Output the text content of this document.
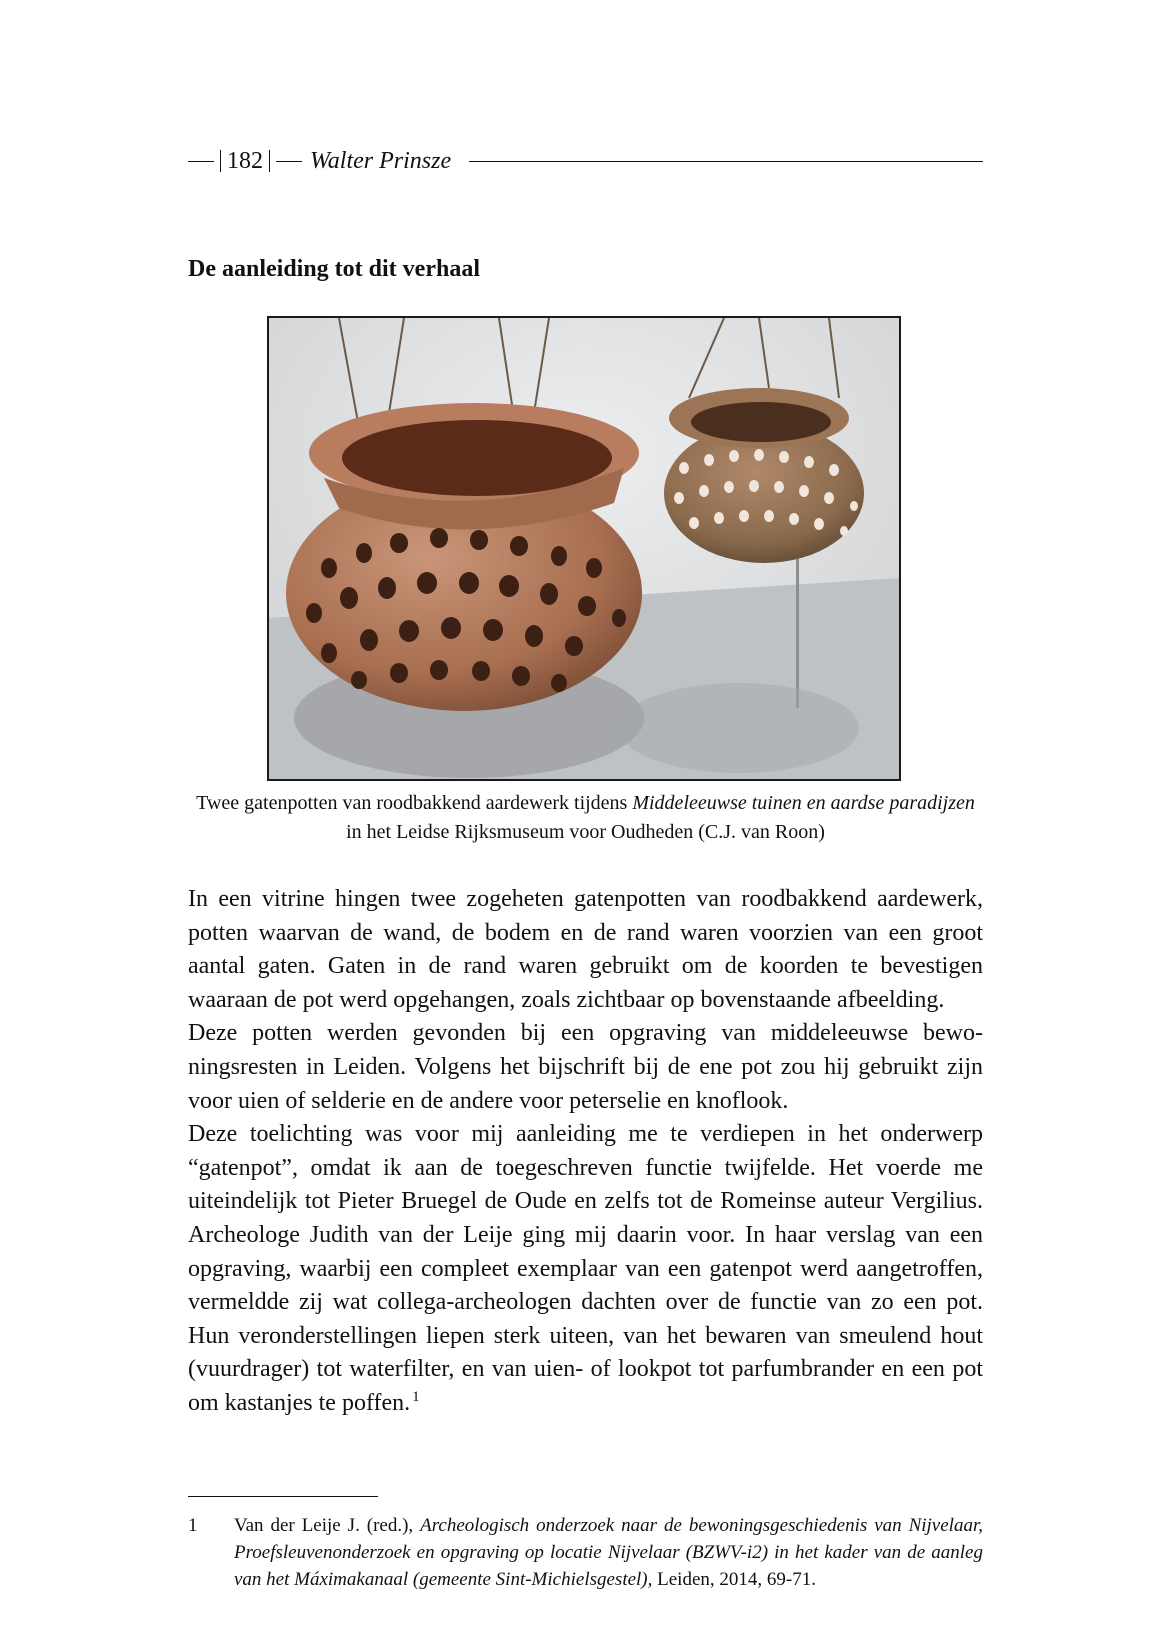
182 Walter Prinsze
De aanleiding tot dit verhaal
Twee gatenpotten van roodbakkend aardewerk tijdens Middeleeuwse tuinen en aardse paradijzen in het Leidse Rijksmuseum voor Oudheden (C.J. van Roon)

In een vitrine hingen twee zogeheten gatenpotten van roodbakkend aardewerk, potten waarvan de wand, de bodem en de rand waren voorzien van een groot aantal gaten. Gaten in de rand waren gebruikt om de koorden te bevestigen waaraan de pot werd opgehangen, zoals zichtbaar op bovenstaande afbeelding.

Deze potten werden gevonden bij een opgraving van middeleeuwse bewoningsresten in Leiden. Volgens het bijschrift bij de ene pot zou hij gebruikt zijn voor uien of selderie en de andere voor peterselie en knoflook.

Deze toelichting was voor mij aanleiding me te verdiepen in het onderwerp “gatenpot”, omdat ik aan de toegeschreven functie twijfelde. Het voerde me uiteindelijk tot Pieter Bruegel de Oude en zelfs tot de Romeinse auteur Vergilius. Archeologe Judith van der Leije ging mij daarin voor. In haar verslag van een opgraving, waarbij een compleet exemplaar van een gatenpot werd aangetroffen, vermeldde zij wat collega-archeologen dachten over de functie van zo een pot. Hun veronderstellingen liepen sterk uiteen, van het bewaren van smeulend hout (vuurdrager) tot waterfilter, en van uien- of lookpot tot parfumbrander en een pot om kastanjes te poffen. $^1$

1	Van der Leije J. (red.), Archeologisch onderzoek naar de bewoningsgeschiedenis van Nijvelaar, Proefsleuvenonderzoek en opgraving op locatie Nijvelaar (BZWV-i2) in het kader van de aanleg van het Máximakanaal (gemeente Sint-Michielsgestel), Leiden, 2014, 69-71.
